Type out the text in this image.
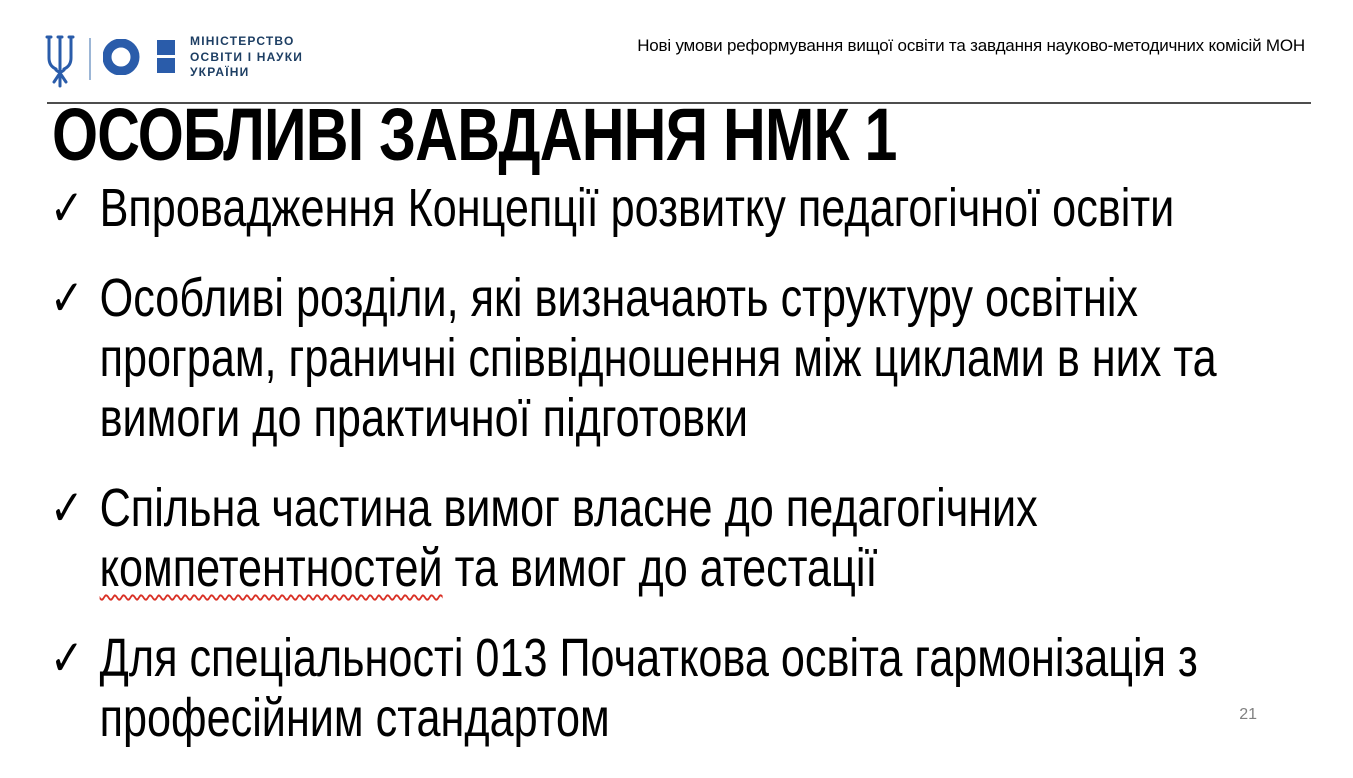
МІНІСТЕРСТВО
ОСВІТИ І НАУКИ
УКРАЇНИ
Нові умови реформування вищої освіти та завдання науково-методичних комісій МОН
ОСОБЛИВІ ЗАВДАННЯ НМК 1
✓ Впровадження Концепції розвитку педагогічної освіти
✓ Особливі розділи, які визначають структуру освітніх
програм, граничні співвідношення між циклами в них та
вимоги до практичної підготовки
✓ Спільна частина вимог власне до педагогічних
компетентностей та вимог до атестації
✓ Для спеціальності 013 Початкова освіта гармонізація з
професійним стандартом	21
